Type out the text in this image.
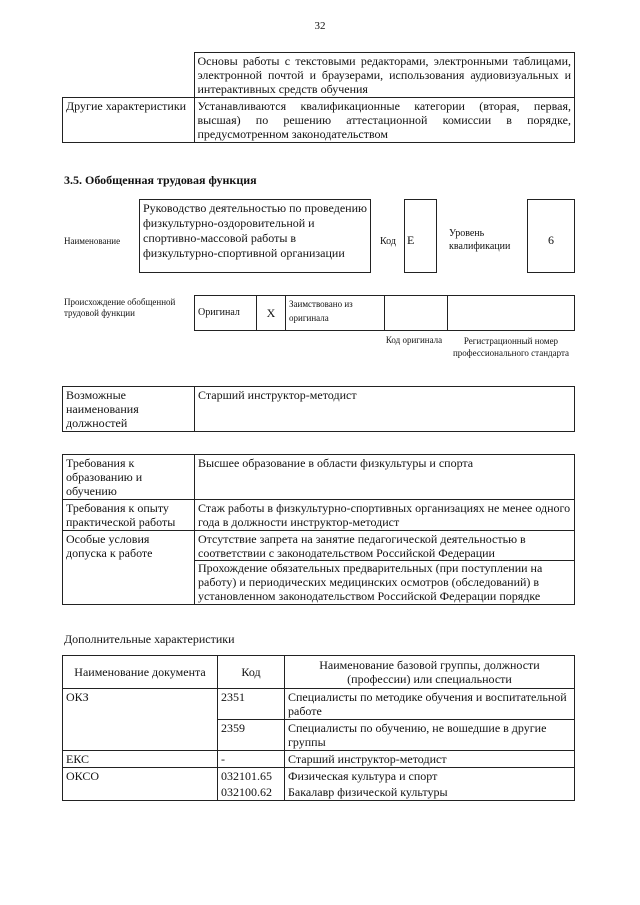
32
	Основы работы с текстовыми редакторами, электронными таблицами, электронной почтой и браузерами, использования аудиовизуальных и интерактивных средств обучения
Другие характеристики	Устанавливаются квалификационные категории (вторая, первая, высшая) по решению аттестационной комиссии в порядке, предусмотренном законодательством
3.5. Обобщенная трудовая функция
Наименование
Руководство деятельностью по проведению физкультурно-оздоровительной и спортивно-массовой работы в физкультурно-спортивной организации
Код E	Уровень квалификации	6
Происхождение обобщенной трудовой функции	Оригинал	X	Заимствовано из оригинала		
Код оригинала	Регистрационный номер профессионального стандарта
Возможные наименования должностей	Старший инструктор-методист
Требования к образованию и обучению	Высшее образование в области физкультуры и спорта
Требования к опыту практической работы	Стаж работы в физкультурно-спортивных организациях не менее одного года в должности инструктор-методист
Особые условия допуска к работе	Отсутствие запрета на занятие педагогической деятельностью в соответствии с законодательством Российской Федерации
Прохождение обязательных предварительных (при поступлении на работу) и периодических медицинских осмотров (обследований) в установленном законодательством Российской Федерации порядке
Дополнительные характеристики
Наименование документа	Код	Наименование базовой группы, должности (профессии) или специальности
ОКЗ	2351	Специалисты по методике обучения и воспитательной работе
	2359	Специалисты по обучению, не вошедшие в другие группы
ЕКС	-	Старший инструктор-методист
ОКСО	032101.65	Физическая культура и спорт
	032100.62	Бакалавр физической культуры
